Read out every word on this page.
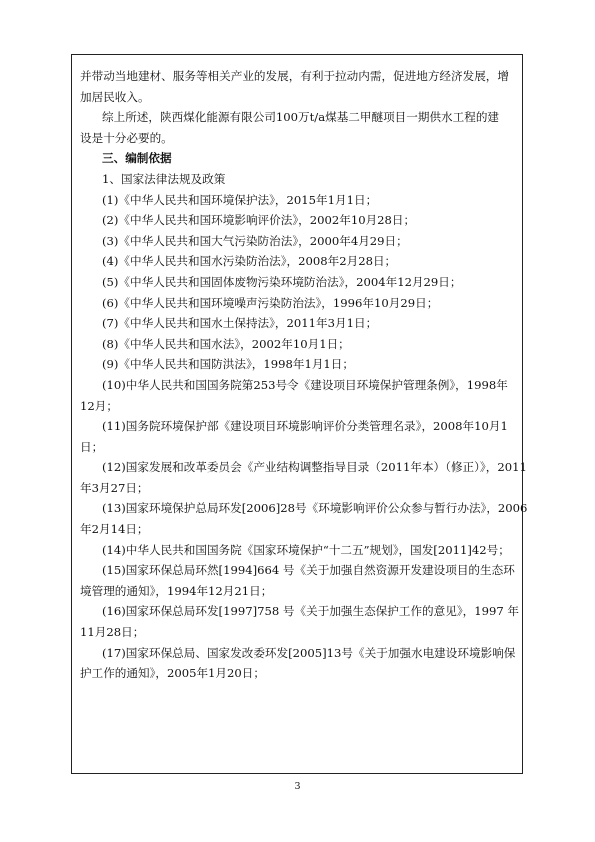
并带动当地建材、服务等相关产业的发展，有利于拉动内需，促进地方经济发展，增

加居民收入。

综上所述，陕西煤化能源有限公司100万t/a煤基二甲醚项目一期供水工程的建

设是十分必要的。

三、编制依据

1、国家法律法规及政策

(1)《中华人民共和国环境保护法》，2015年1月1日；

(2)《中华人民共和国环境影响评价法》，2002年10月28日；

(3)《中华人民共和国大气污染防治法》，2000年4月29日；

(4)《中华人民共和国水污染防治法》，2008年2月28日；

(5)《中华人民共和国固体废物污染环境防治法》，2004年12月29日；

(6)《中华人民共和国环境噪声污染防治法》，1996年10月29日；

(7)《中华人民共和国水土保持法》，2011年3月1日；

(8)《中华人民共和国水法》，2002年10月1日；

(9)《中华人民共和国防洪法》，1998年1月1日；

(10)中华人民共和国国务院第253号令《建设项目环境保护管理条例》，1998年

12月；

(11)国务院环境保护部《建设项目环境影响评价分类管理名录》，2008年10月1

日；

(12)国家发展和改革委员会《产业结构调整指导目录（2011年本）（修正）》，2011

年3月27日；

(13)国家环境保护总局环发[2006]28号《环境影响评价公众参与暂行办法》，2006

年2月14日；

(14)中华人民共和国国务院《国家环境保护“十二五”规划》，国发[2011]42号；

(15)国家环保总局环然[1994]664 号《关于加强自然资源开发建设项目的生态环

境管理的通知》，1994年12月21日；

(16)国家环保总局环发[1997]758 号《关于加强生态保护工作的意见》，1997 年

11月28日；

(17)国家环保总局、国家发改委环发[2005]13号《关于加强水电建设环境影响保

护工作的通知》，2005年1月20日；

3
